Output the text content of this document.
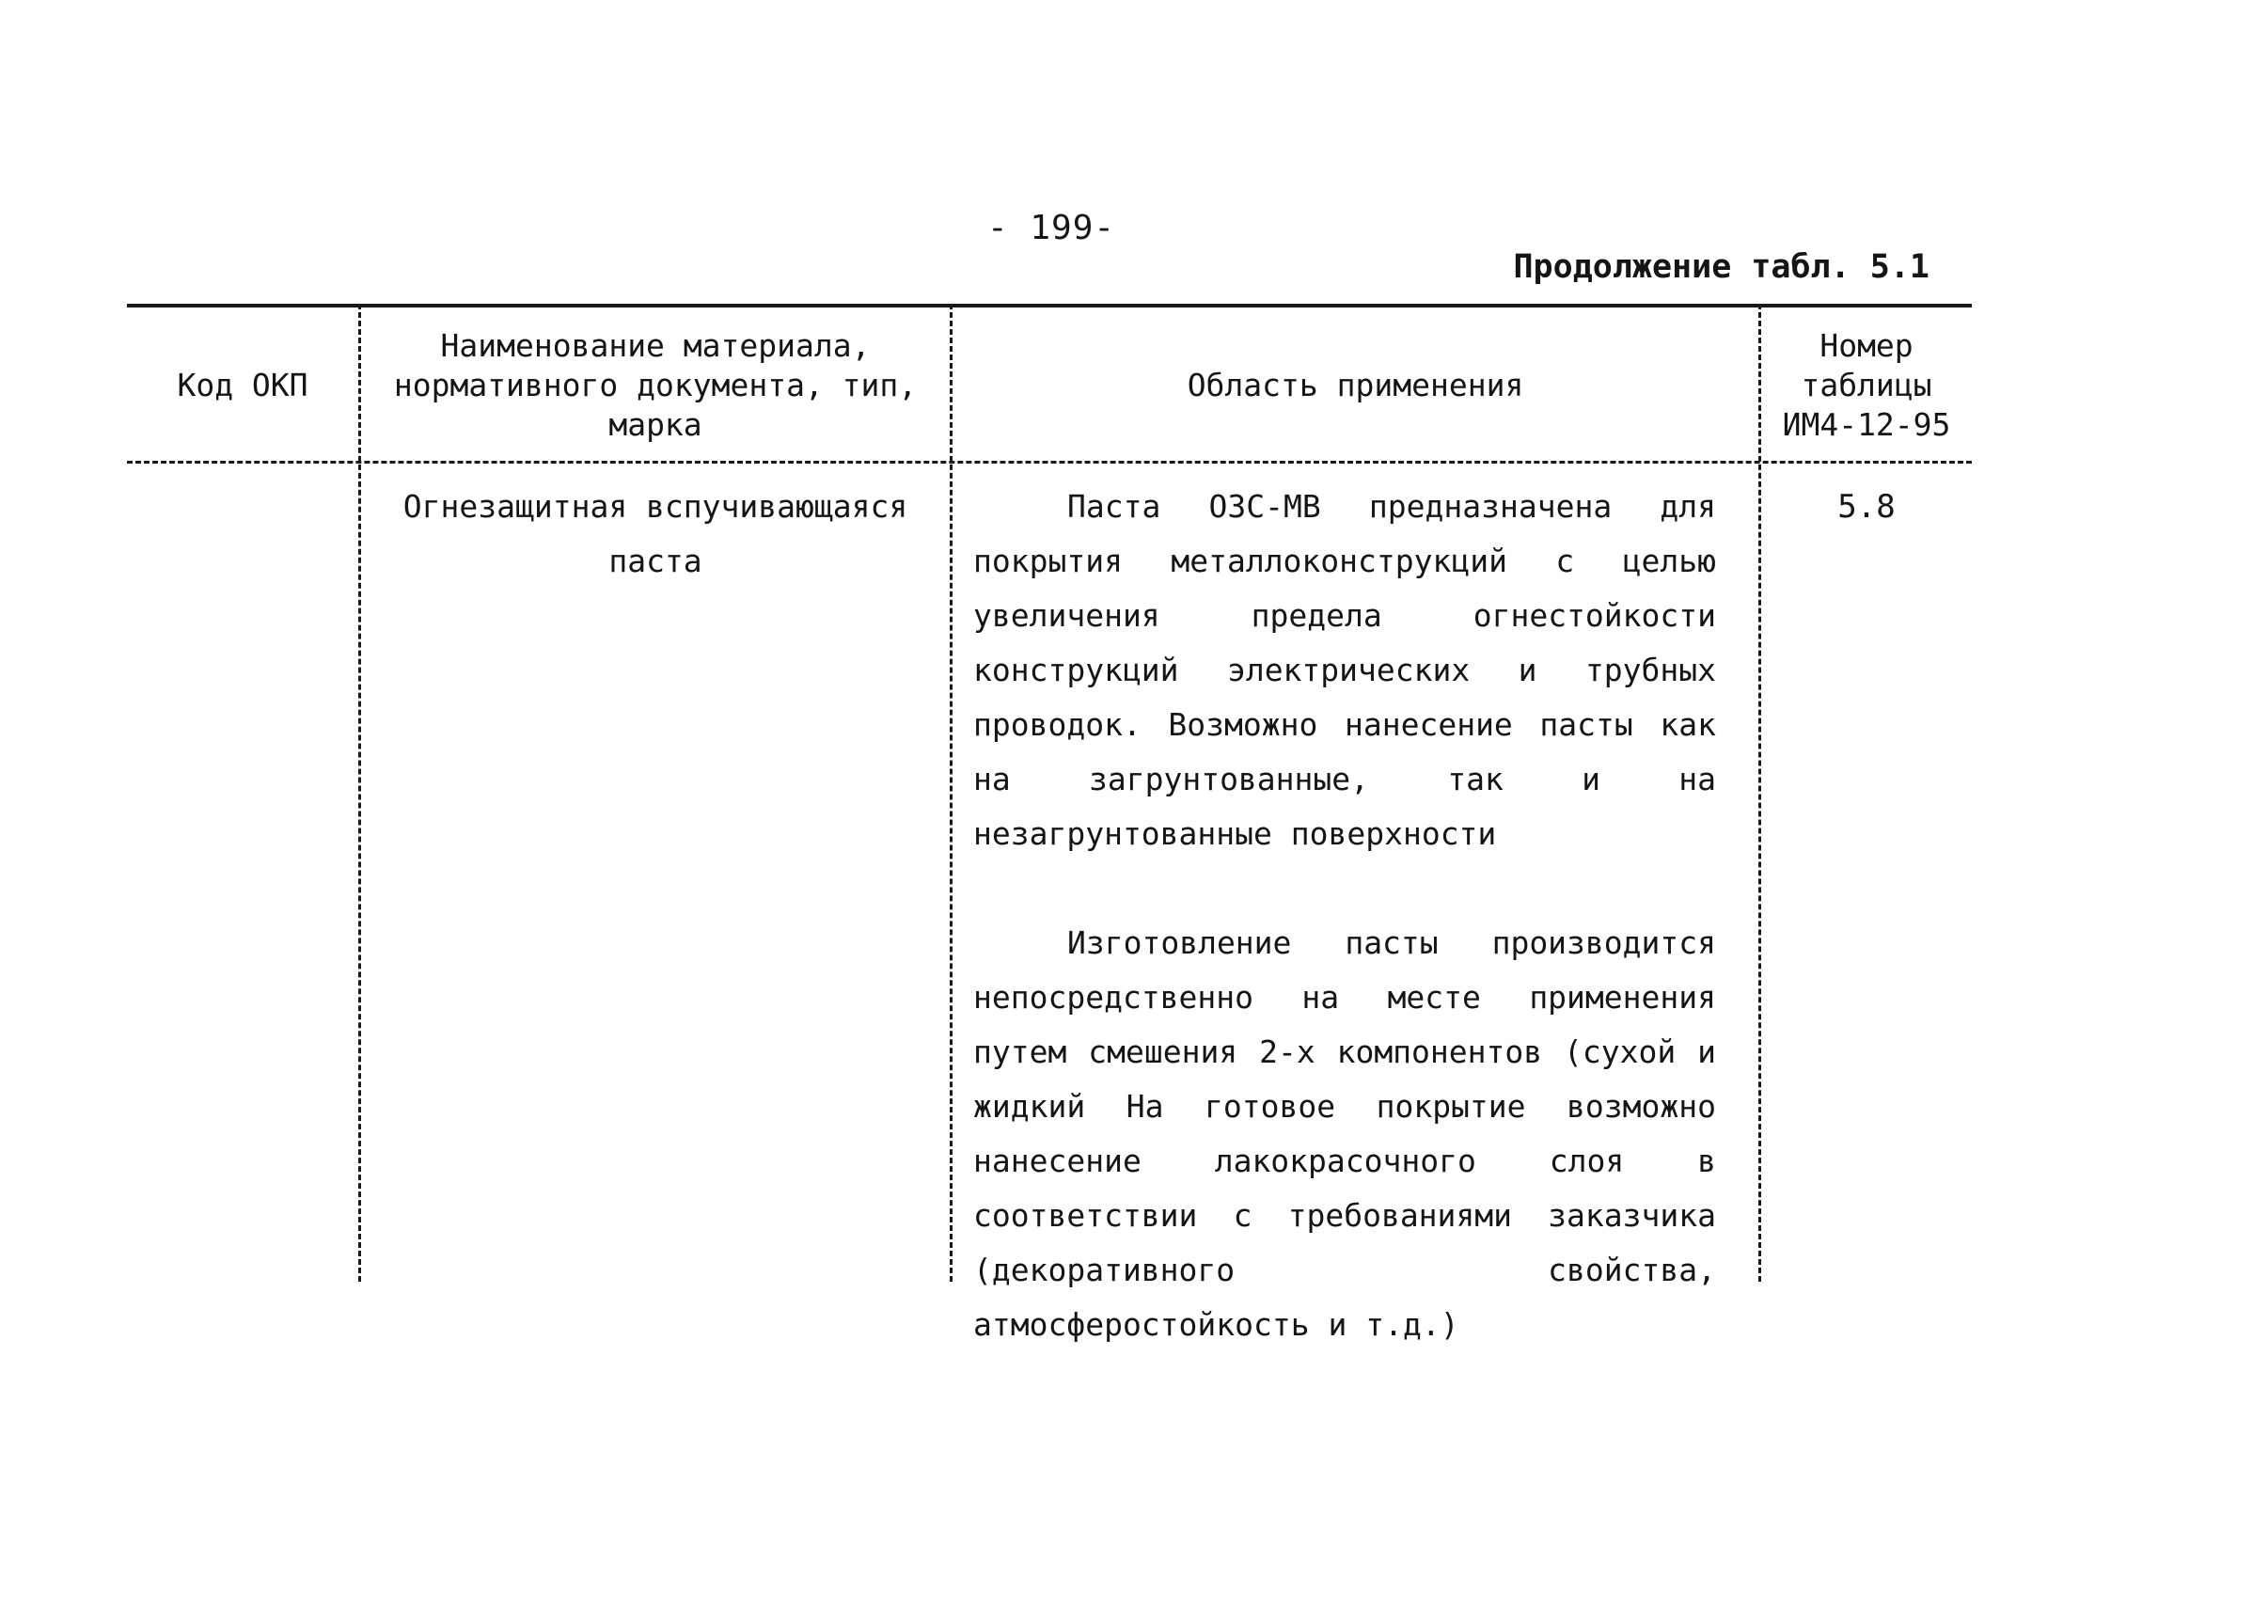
- 199-
Продолжение табл. 5.1
Код ОКП
Наименование материала, нормативного документа, тип, марка
Область применения
Номер таблицы ИМ4-12-95
Огнезащитная вспучивающаяся паста

Паста ОЗС-МВ предназначена для покрытия металлоконструкций с целью увеличения предела огнестойкости конструкций электрических и трубных проводок. Возможно нанесение пасты как на загрунтованные, так и на незагрунтованные поверхности

Изготовление пасты производится непосредственно на месте применения путем смешения 2-х компонентов (сухой и жидкий На готовое покрытие возможно нанесение лакокрасочного слоя в соответствии с требованиями заказчика (декоративного свойства, атмосферостойкость и т.д.)

5.8
